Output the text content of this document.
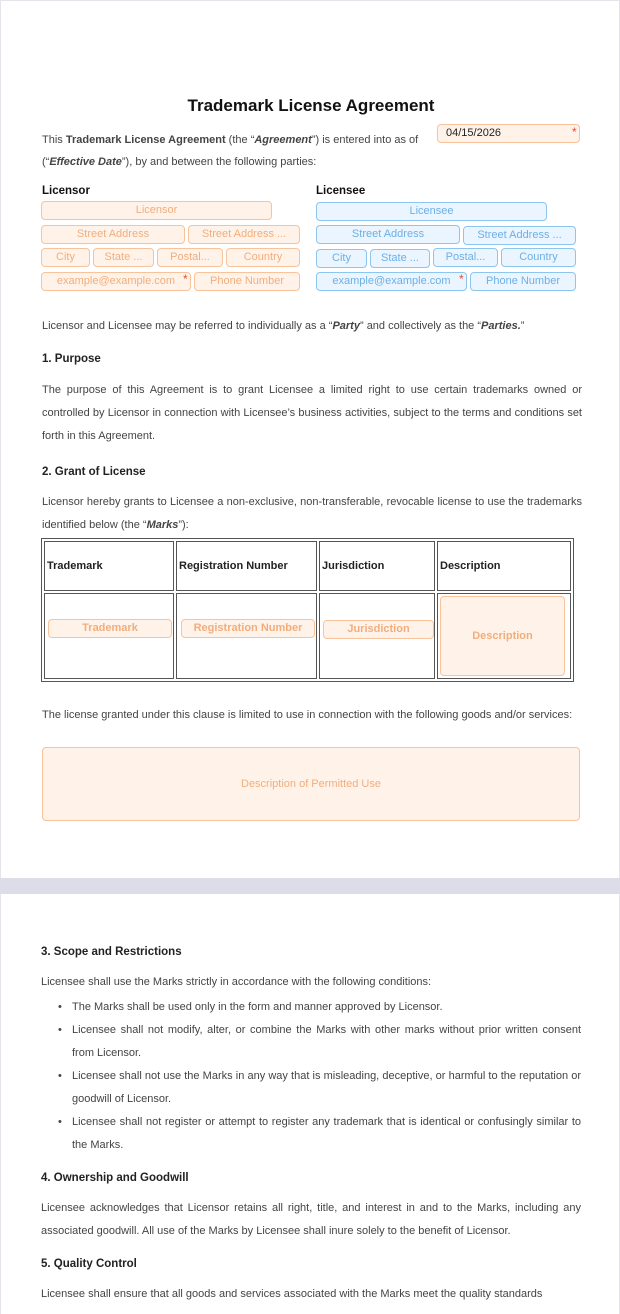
Trademark License Agreement
This Trademark License Agreement (the “Agreement”) is entered into as of
04/15/2026	*
(“Effective Date”), by and between the following parties:
Licensor
Licensor
Street Address	Street Address ...
City	State ...	Postal...	Country
example@example.com *	Phone Number
Licensee
Licensee
Street Address	Street Address ...
City	State ...	Postal...	Country
example@example.com *	Phone Number
Licensor and Licensee may be referred to individually as a “Party” and collectively as the “Parties.”
1. Purpose
The purpose of this Agreement is to grant Licensee a limited right to use certain trademarks owned or controlled by Licensor in connection with Licensee’s business activities, subject to the terms and conditions set forth in this Agreement.
2. Grant of License
Licensor hereby grants to Licensee a non-exclusive, non-transferable, revocable license to use the trademarks identified below (the “Marks”):
Trademark	Registration Number	Jurisdiction	Description

Trademark	Registration Number	Jurisdiction	Description
The license granted under this clause is limited to use in connection with the following goods and/or services:
Description of Permitted Use
3. Scope and Restrictions
Licensee shall use the Marks strictly in accordance with the following conditions:
• The Marks shall be used only in the form and manner approved by Licensor.
• Licensee shall not modify, alter, or combine the Marks with other marks without prior written consent from Licensor.
• Licensee shall not use the Marks in any way that is misleading, deceptive, or harmful to the reputation or goodwill of Licensor.
• Licensee shall not register or attempt to register any trademark that is identical or confusingly similar to the Marks.
4. Ownership and Goodwill
Licensee acknowledges that Licensor retains all right, title, and interest in and to the Marks, including any associated goodwill. All use of the Marks by Licensee shall inure solely to the benefit of Licensor.
5. Quality Control
Licensee shall ensure that all goods and services associated with the Marks meet the quality standards
